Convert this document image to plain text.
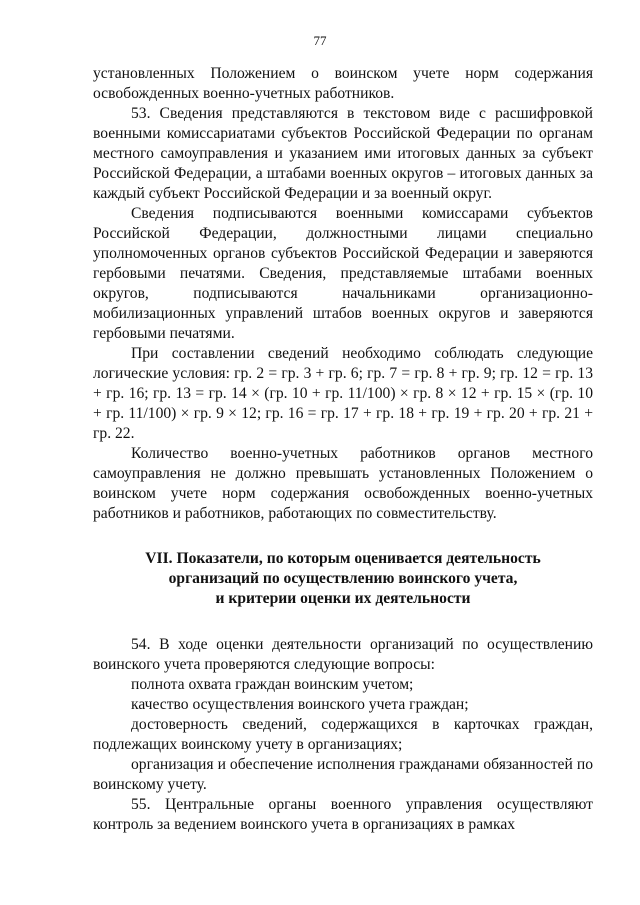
77

установленных Положением о воинском учете норм содержания освобожденных военно-учетных работников.

53. Сведения представляются в текстовом виде с расшифровкой военными комиссариатами субъектов Российской Федерации по органам местного самоуправления и указанием ими итоговых данных за субъект Российской Федерации, а штабами военных округов – итоговых данных за каждый субъект Российской Федерации и за военный округ.

Сведения подписываются военными комиссарами субъектов Российской Федерации, должностными лицами специально уполномоченных органов субъектов Российской Федерации и заверяются гербовыми печатями. Сведения, представляемые штабами военных округов, подписываются начальниками организационно-мобилизационных управлений штабов военных округов и заверяются гербовыми печатями.

При составлении сведений необходимо соблюдать следующие логические условия: гр. 2 = гр. 3 + гр. 6; гр. 7 = гр. 8 + гр. 9; гр. 12 = гр. 13 + гр. 16; гр. 13 = гр. 14 × (гр. 10 + гр. 11/100) × гр. 8 × 12 + гр. 15 × (гр. 10 + гр. 11/100) × гр. 9 × 12; гр. 16 = гр. 17 + гр. 18 + гр. 19 + гр. 20 + гр. 21 + гр. 22.

Количество военно-учетных работников органов местного самоуправления не должно превышать установленных Положением о воинском учете норм содержания освобожденных военно-учетных работников и работников, работающих по совместительству.

VII. Показатели, по которым оценивается деятельность
организаций по осуществлению воинского учета,
и критерии оценки их деятельности

54. В ходе оценки деятельности организаций по осуществлению воинского учета проверяются следующие вопросы:

полнота охвата граждан воинским учетом;

качество осуществления воинского учета граждан;

достоверность сведений, содержащихся в карточках граждан, подлежащих воинскому учету в организациях;

организация и обеспечение исполнения гражданами обязанностей по воинскому учету.

55. Центральные органы военного управления осуществляют контроль за ведением воинского учета в организациях в рамках
